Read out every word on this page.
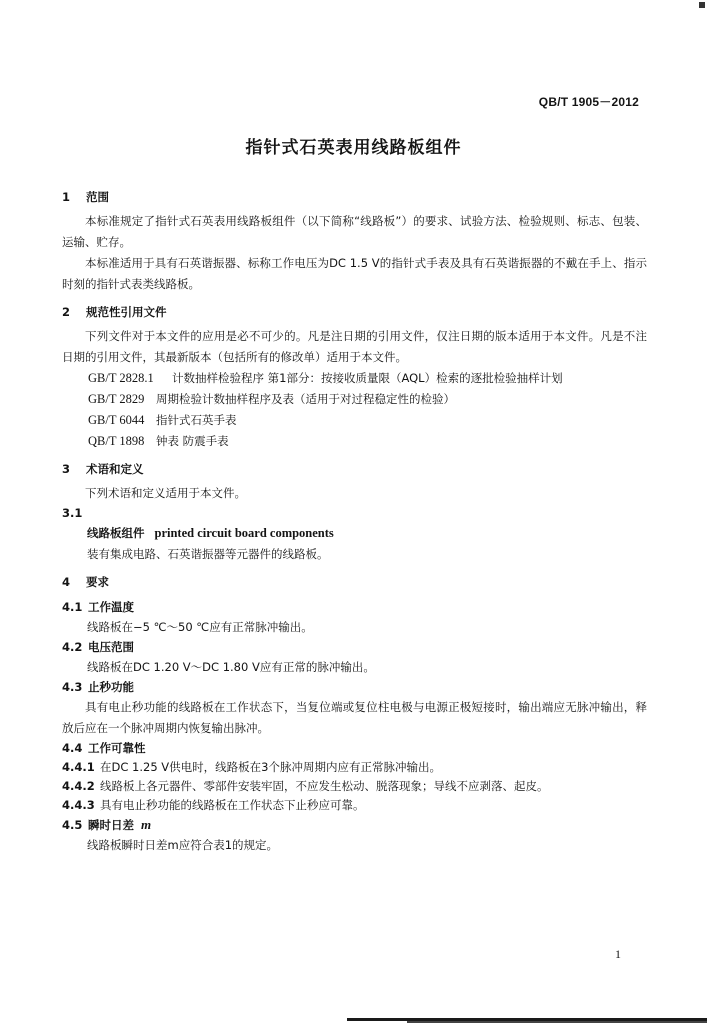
QB/T 1905－2012
指针式石英表用线路板组件
1 范围

本标准规定了指针式石英表用线路板组件（以下简称“线路板”）的要求、试验方法、检验规则、标志、包装、运输、贮存。

本标准适用于具有石英谐振器、标称工作电压为DC 1.5 V的指针式手表及具有石英谐振器的不戴在手上、指示时刻的指针式表类线路板。

2 规范性引用文件

下列文件对于本文件的应用是必不可少的。凡是注日期的引用文件，仅注日期的版本适用于本文件。凡是不注日期的引用文件，其最新版本（包括所有的修改单）适用于本文件。

GB/T 2828.1 计数抽样检验程序 第1部分：按接收质量限（AQL）检索的逐批检验抽样计划
GB/T 2829 周期检验计数抽样程序及表（适用于对过程稳定性的检验）
GB/T 6044 指针式石英手表
QB/T 1898 钟表 防震手表
3 术语和定义

下列术语和定义适用于本文件。

3.1
线路板组件 printed circuit board components
装有集成电路、石英谐振器等元器件的线路板。
4 要求
4.1 工作温度
线路板在−5 ℃～50 ℃应有正常脉冲输出。
4.2 电压范围
线路板在DC 1.20 V～DC 1.80 V应有正常的脉冲输出。
4.3 止秒功能

具有电止秒功能的线路板在工作状态下，当复位端或复位柱电极与电源正极短接时，输出端应无脉冲输出，释放后应在一个脉冲周期内恢复输出脉冲。

4.4 工作可靠性
4.4.1 在DC 1.25 V供电时，线路板在3个脉冲周期内应有正常脉冲输出。
4.4.2 线路板上各元器件、零部件安装牢固，不应发生松动、脱落现象；导线不应剥落、起皮。
4.4.3 具有电止秒功能的线路板在工作状态下止秒应可靠。
4.5 瞬时日差 m
线路板瞬时日差m应符合表1的规定。
1
